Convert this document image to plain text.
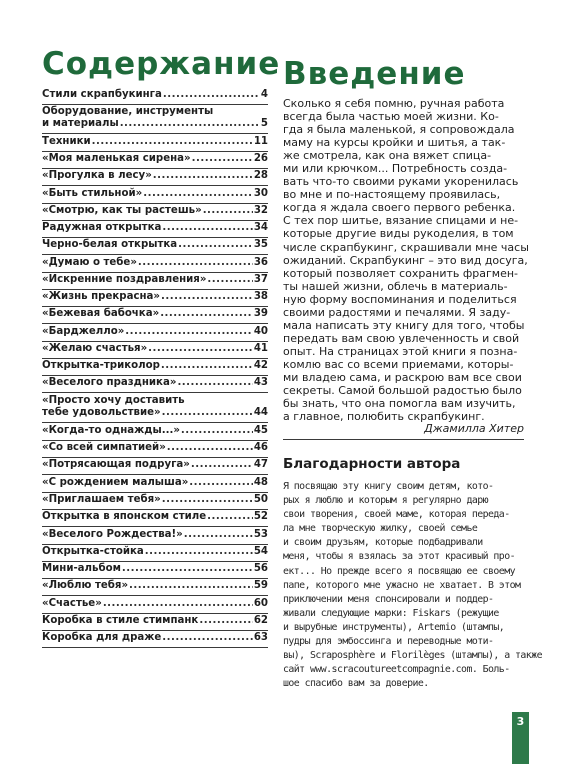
Содержание
Стили скрапбукинга .....	4
Оборудование, инструменты
и материалы .....	5
Техники .....	11
«Моя маленькая сирена» .....	26
«Прогулка в лесу» .....	28
«Быть стильной» .....	30
«Смотрю, как ты растешь» .....	32
Радужная открытка .....	34
Черно-белая открытка .....	35
«Думаю о тебе» .....	36
«Искренние поздравления» .....	37
«Жизнь прекрасна» .....	38
«Бежевая бабочка» .....	39
«Барджелло» .....	40
«Желаю счастья» .....	41
Открытка-триколор .....	42
«Веселого праздника» .....	43
«Просто хочу доставить
тебе удовольствие» .....	44
«Когда-то однажды...» .....	45
«Со всей симпатией» .....	46
«Потрясающая подруга» .....	47
«С рождением малыша» .....	48
«Приглашаем тебя» .....	50
Открытка в японском стиле .....	52
«Веселого Рождества!» .....	53
Открытка-стойка .....	54
Мини-альбом .....	56
«Люблю тебя» .....	59
«Счастье» .....	60
Коробка в стиле стимпанк .....	62
Коробка для драже .....	63
Введение
Сколько я себя помню, ручная работа
всегда была частью моей жизни. Ко-
гда я была маленькой, я сопровождала
маму на курсы кройки и шитья, а так-
же смотрела, как она вяжет спица-
ми или крючком... Потребность созда-
вать что-то своими руками укоренилась
во мне и по-настоящему проявилась,
когда я ждала своего первого ребенка.
С тех пор шитье, вязание спицами и не-
которые другие виды рукоделия, в том
числе скрапбукинг, скрашивали мне часы
ожиданий. Скрапбукинг – это вид досуга,
который позволяет сохранить фрагмен-
ты нашей жизни, облечь в материаль-
ную форму воспоминания и поделиться
своими радостями и печалями. Я заду-
мала написать эту книгу для того, чтобы
передать вам свою увлеченность и свой
опыт. На страницах этой книги я позна-
комлю вас со всеми приемами, которы-
ми владею сама, и раскрою вам все свои
секреты. Самой большой радостью было
бы знать, что она помогла вам изучить,
а главное, полюбить скрапбукинг.
Джамилла Хитер
Благодарности автора
Я посвящаю эту книгу своим детям, кото-
рых я люблю и которым я регулярно дарю
свои творения, своей маме, которая переда-
ла мне творческую жилку, своей семье
и своим друзьям, которые подбадривали
меня, чтобы я взялась за этот красивый про-
ект... Но прежде всего я посвящаю ее своему
папе, которого мне ужасно не хватает. В этом
приключении меня спонсировали и поддер-
живали следующие марки: Fiskars (режущие
и вырубные инструменты), Artemio (штампы,
пудры для эмбоссинга и переводные моти-
вы), Scraposphère и Florilèges (штампы), а также
сайт www.scracoutureetcompagnie.com. Боль-
шое спасибо вам за доверие.
3
